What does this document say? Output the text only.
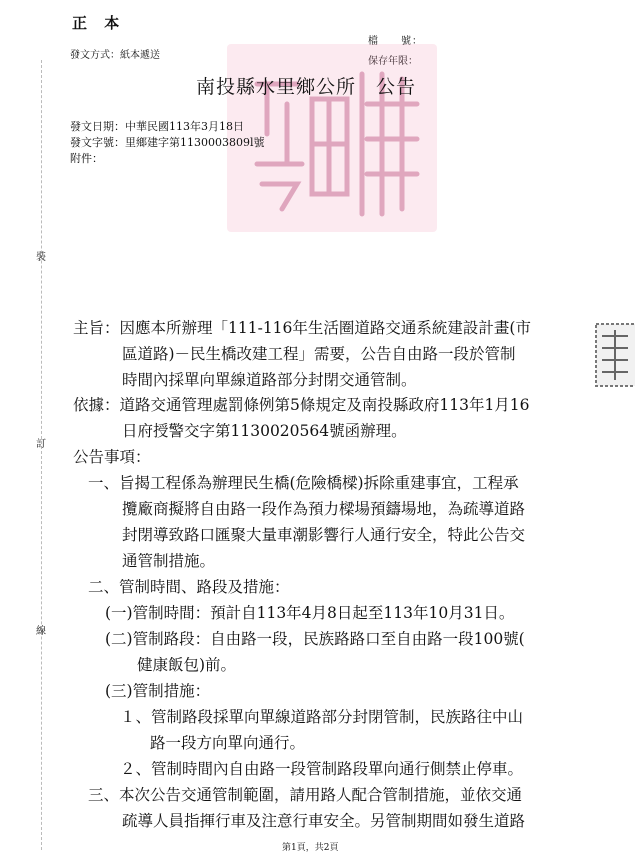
正 本
檔　　號：
保存年限：
發文方式：紙本遞送
裝
訂
線
南投縣水里鄉公所　公告
發文日期：中華民國113年3月18日
發文字號：里鄉建字第1130003809l號
附件：
主旨：因應本所辦理「111-116年生活圈道路交通系統建設計畫(市
區道路)－民生橋改建工程」需要，公告自由路一段於管制
時間內採單向單線道路部分封閉交通管制。
依據：道路交通管理處罰條例第5條規定及南投縣政府113年1月16
日府授警交字第1130020564號函辦理。
公告事項：
一、旨揭工程係為辦理民生橋(危險橋樑)拆除重建事宜，工程承
攬廠商擬將自由路一段作為預力樑場預鑄場地，為疏導道路
封閉導致路口匯聚大量車潮影響行人通行安全，特此公告交
通管制措施。
二、管制時間、路段及措施：
(一)管制時間：預計自113年4月8日起至113年10月31日。
(二)管制路段：自由路一段，民族路路口至自由路一段100號(
健康飯包)前。
(三)管制措施：
１、管制路段採單向單線道路部分封閉管制，民族路往中山
路一段方向單向通行。
２、管制時間內自由路一段管制路段單向通行側禁止停車。
三、本次公告交通管制範圍，請用路人配合管制措施，並依交通
疏導人員指揮行車及注意行車安全。另管制期間如發生道路
第1頁，共2頁
